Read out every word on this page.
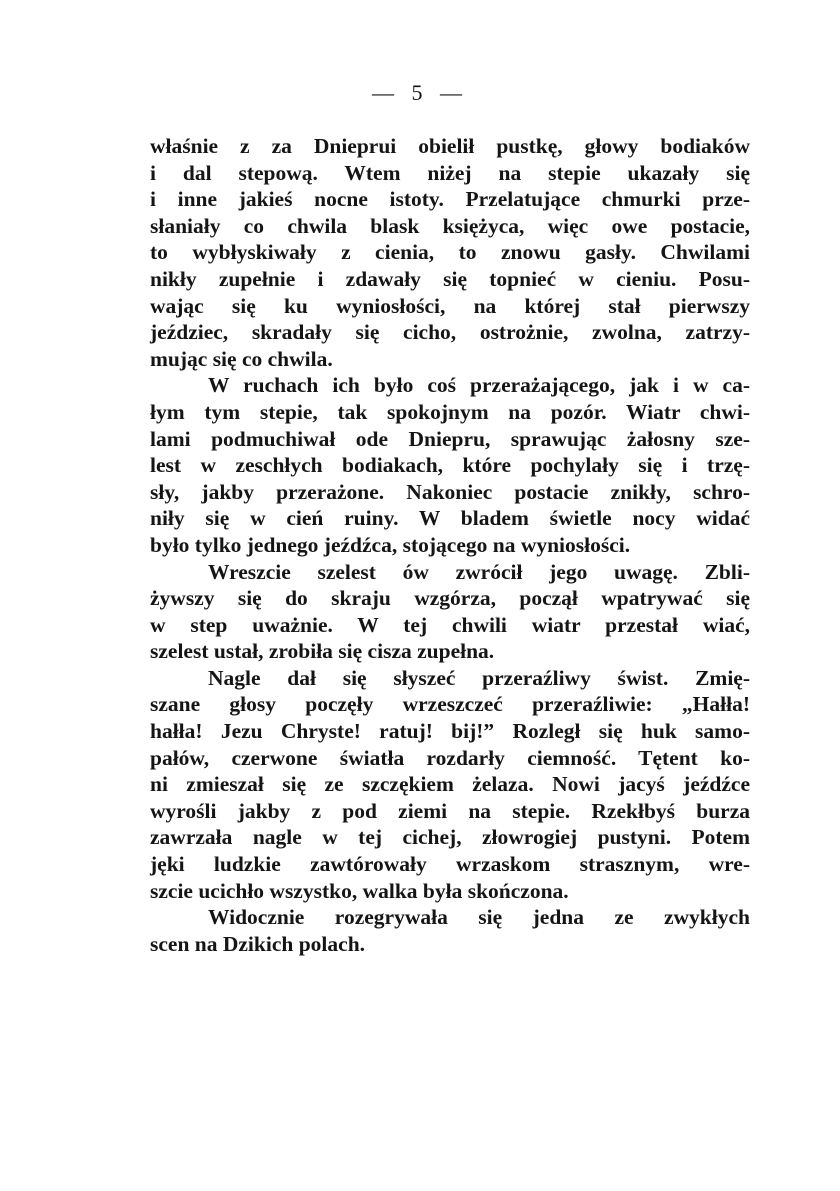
— 5 —
właśnie z za Dnieprui obielił pustkę, głowy bodiaków
i dal stepową. Wtem niżej na stepie ukazały się
i inne jakieś nocne istoty. Przelatujące chmurki prze-
słaniały co chwila blask księżyca, więc owe postacie,
to wybłyskiwały z cienia, to znowu gasły. Chwilami
nikły zupełnie i zdawały się topnieć w cieniu. Posu-
wając się ku wyniosłości, na której stał pierwszy
jeździec, skradały się cicho, ostrożnie, zwolna, zatrzy-
mując się co chwila.
W ruchach ich było coś przerażającego, jak i w ca-
łym tym stepie, tak spokojnym na pozór. Wiatr chwi-
lami podmuchiwał ode Dniepru, sprawując żałosny sze-
lest w zeschłych bodiakach, które pochylały się i trzę-
sły, jakby przerażone. Nakoniec postacie znikły, schro-
niły się w cień ruiny. W bladem świetle nocy widać
było tylko jednego jeźdźca, stojącego na wyniosłości.
Wreszcie szelest ów zwrócił jego uwagę. Zbli-
żywszy się do skraju wzgórza, począł wpatrywać się
w step uważnie. W tej chwili wiatr przestał wiać,
szelest ustał, zrobiła się cisza zupełna.
Nagle dał się słyszeć przeraźliwy świst. Zmię-
szane głosy poczęły wrzeszczeć przeraźliwie: „Hałła!
hałła! Jezu Chryste! ratuj! bij!” Rozległ się huk samo-
pałów, czerwone światła rozdarły ciemność. Tętent ko-
ni zmieszał się ze szczękiem żelaza. Nowi jacyś jeźdźce
wyrośli jakby z pod ziemi na stepie. Rzekłbyś burza
zawrzała nagle w tej cichej, złowrogiej pustyni. Potem
jęki ludzkie zawtórowały wrzaskom strasznym, wre-
szcie ucichło wszystko, walka była skończona.
Widocznie rozegrywała się jedna ze zwykłych
scen na Dzikich polach.
